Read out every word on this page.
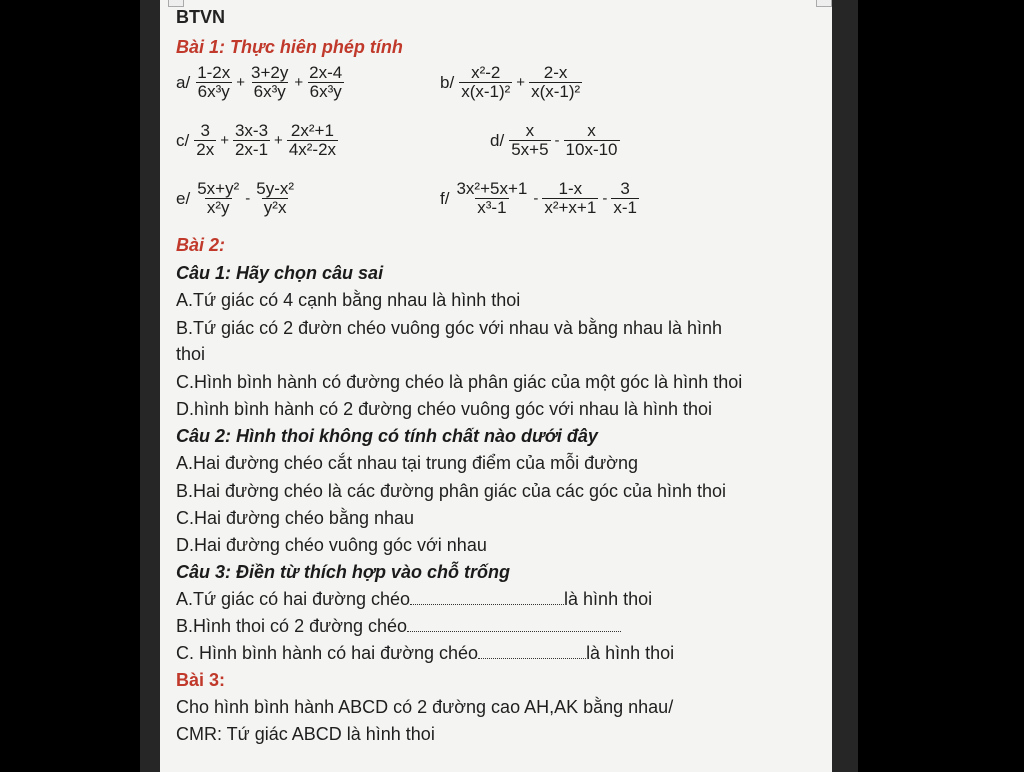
BTVN
Bài 1: Thực hiên phép tính
$a/ \frac{1-2x}{\text{6x³y}} + \frac{3+2y}{\text{6x³y}} + \frac{2x-4}{\text{6x³y}}$	$b/ \frac{\text{x²-2}}{\text{x(x-1)²}} + \frac{2-x}{\text{x(x-1)²}}$
$c/ \frac{3}{2x} + \frac{3x-3}{2x-1} + \frac{\text{2x²+1}}{\text{4x²-2x}}$	$d/ \frac{x}{5x+5} - \frac{x}{10x-10}$
$e/ \frac{\text{5x+y²}}{\text{x²y}} - \frac{\text{5y-x²}}{\text{y²x}}$	$f/ \frac{\text{3x²+5x+1}}{\text{x³-1}} - \frac{1-x}{\text{x²+x+1}} - \frac{3}{x-1}$
Bài 2:
Câu 1: Hãy chọn câu sai
A.Tứ giác có 4 cạnh bằng nhau là hình thoi
B.Tứ giác có 2 đườn chéo vuông góc với nhau và bằng nhau là hình
thoi
C.Hình bình hành có đường chéo là phân giác của một góc là hình thoi
D.hình bình hành có 2 đường chéo vuông góc với nhau là hình thoi
Câu 2: Hình thoi không có tính chất nào dưới đây
A.Hai đường chéo cắt nhau tại trung điểm của mỗi đường
B.Hai đường chéo là các đường phân giác của các góc của hình thoi
C.Hai đường chéo bằng nhau
D.Hai đường chéo vuông góc với nhau
Câu 3: Điền từ thích hợp vào chỗ trống
A.Tứ giác có hai đường chéo	là hình thoi
B.Hình thoi có 2 đường chéo
C. Hình bình hành có hai đường chéo	là hình thoi
Bài 3:
Cho hình bình hành ABCD có 2 đường cao AH,AK bằng nhau/
CMR: Tứ giác ABCD là hình thoi
